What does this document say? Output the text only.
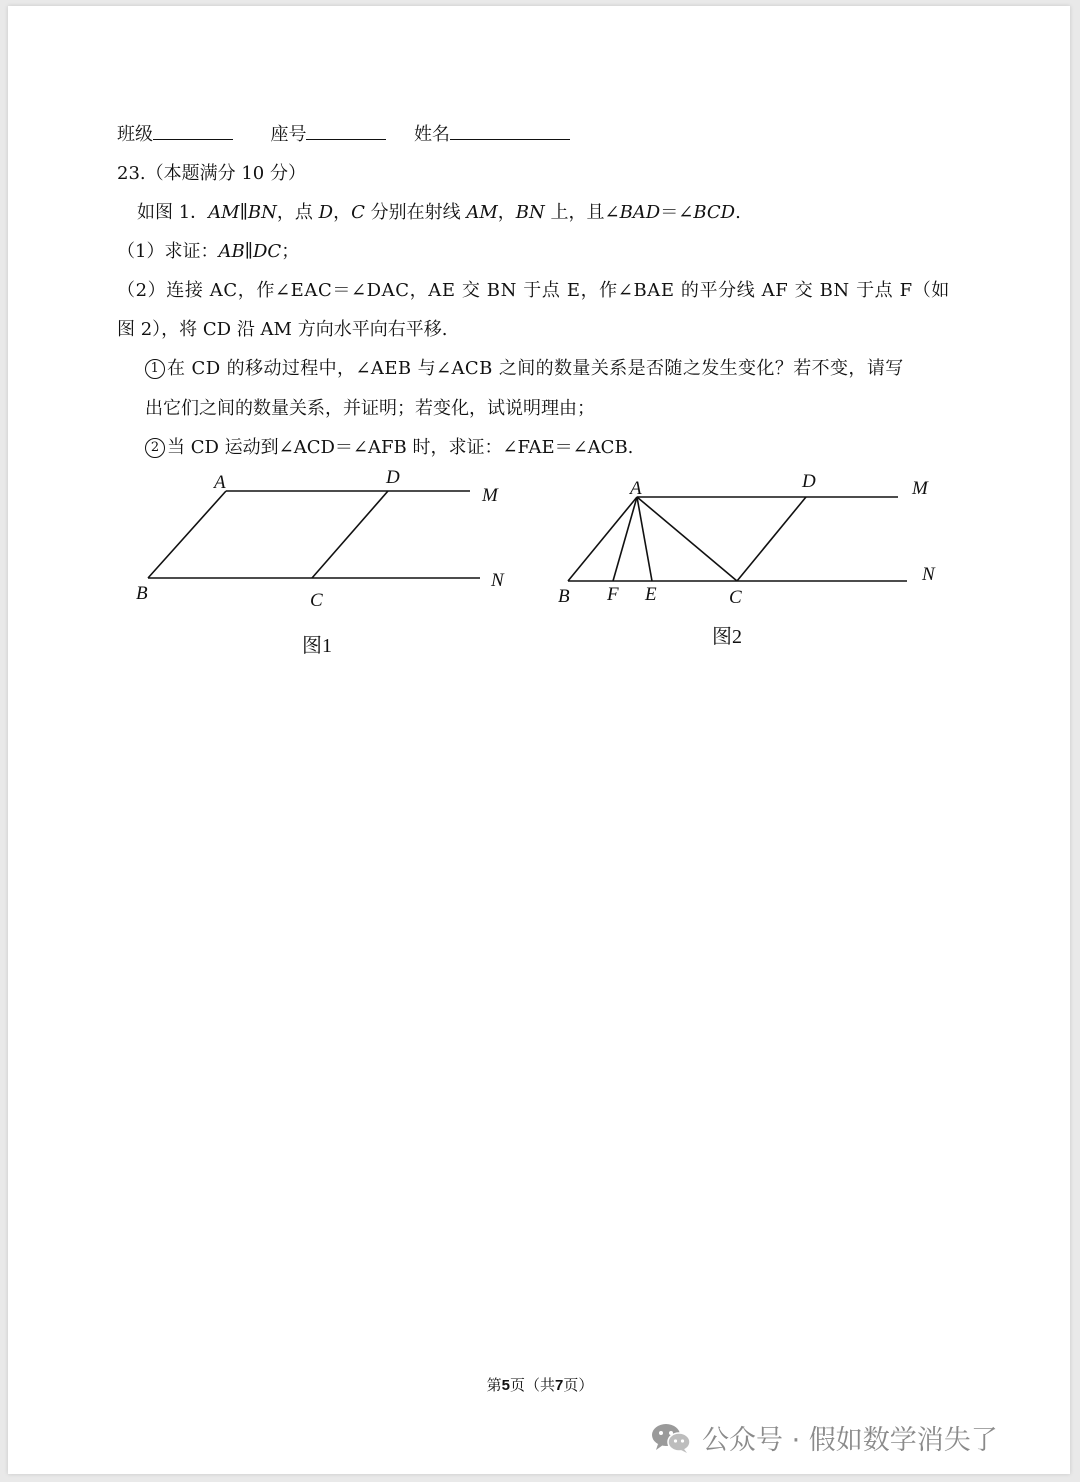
班级	座号	姓名
23.（本题满分 10 分）
如图 1．AM∥BN，点 D，C 分别在射线 AM，BN 上，且∠BAD＝∠BCD.
（1）求证：AB∥DC；
（2）连接 AC，作∠EAC＝∠DAC，AE 交 BN 于点 E，作∠BAE 的平分线 AF 交 BN 于点 F（如
图 2），将 CD 沿 AM 方向水平向右平移.
1 在 CD 的移动过程中，∠AEB 与∠ACB 之间的数量关系是否随之发生变化？若不变，请写
出它们之间的数量关系，并证明；若变化，试说明理由；
2 当 CD 运动到∠ACD＝∠AFB 时，求证：∠FAE＝∠ACB.
A	D
M
B	C
N
图1
A	D	M
B F E	C
N
图2
第5页（共7页）
公众号 · 假如数学消失了
